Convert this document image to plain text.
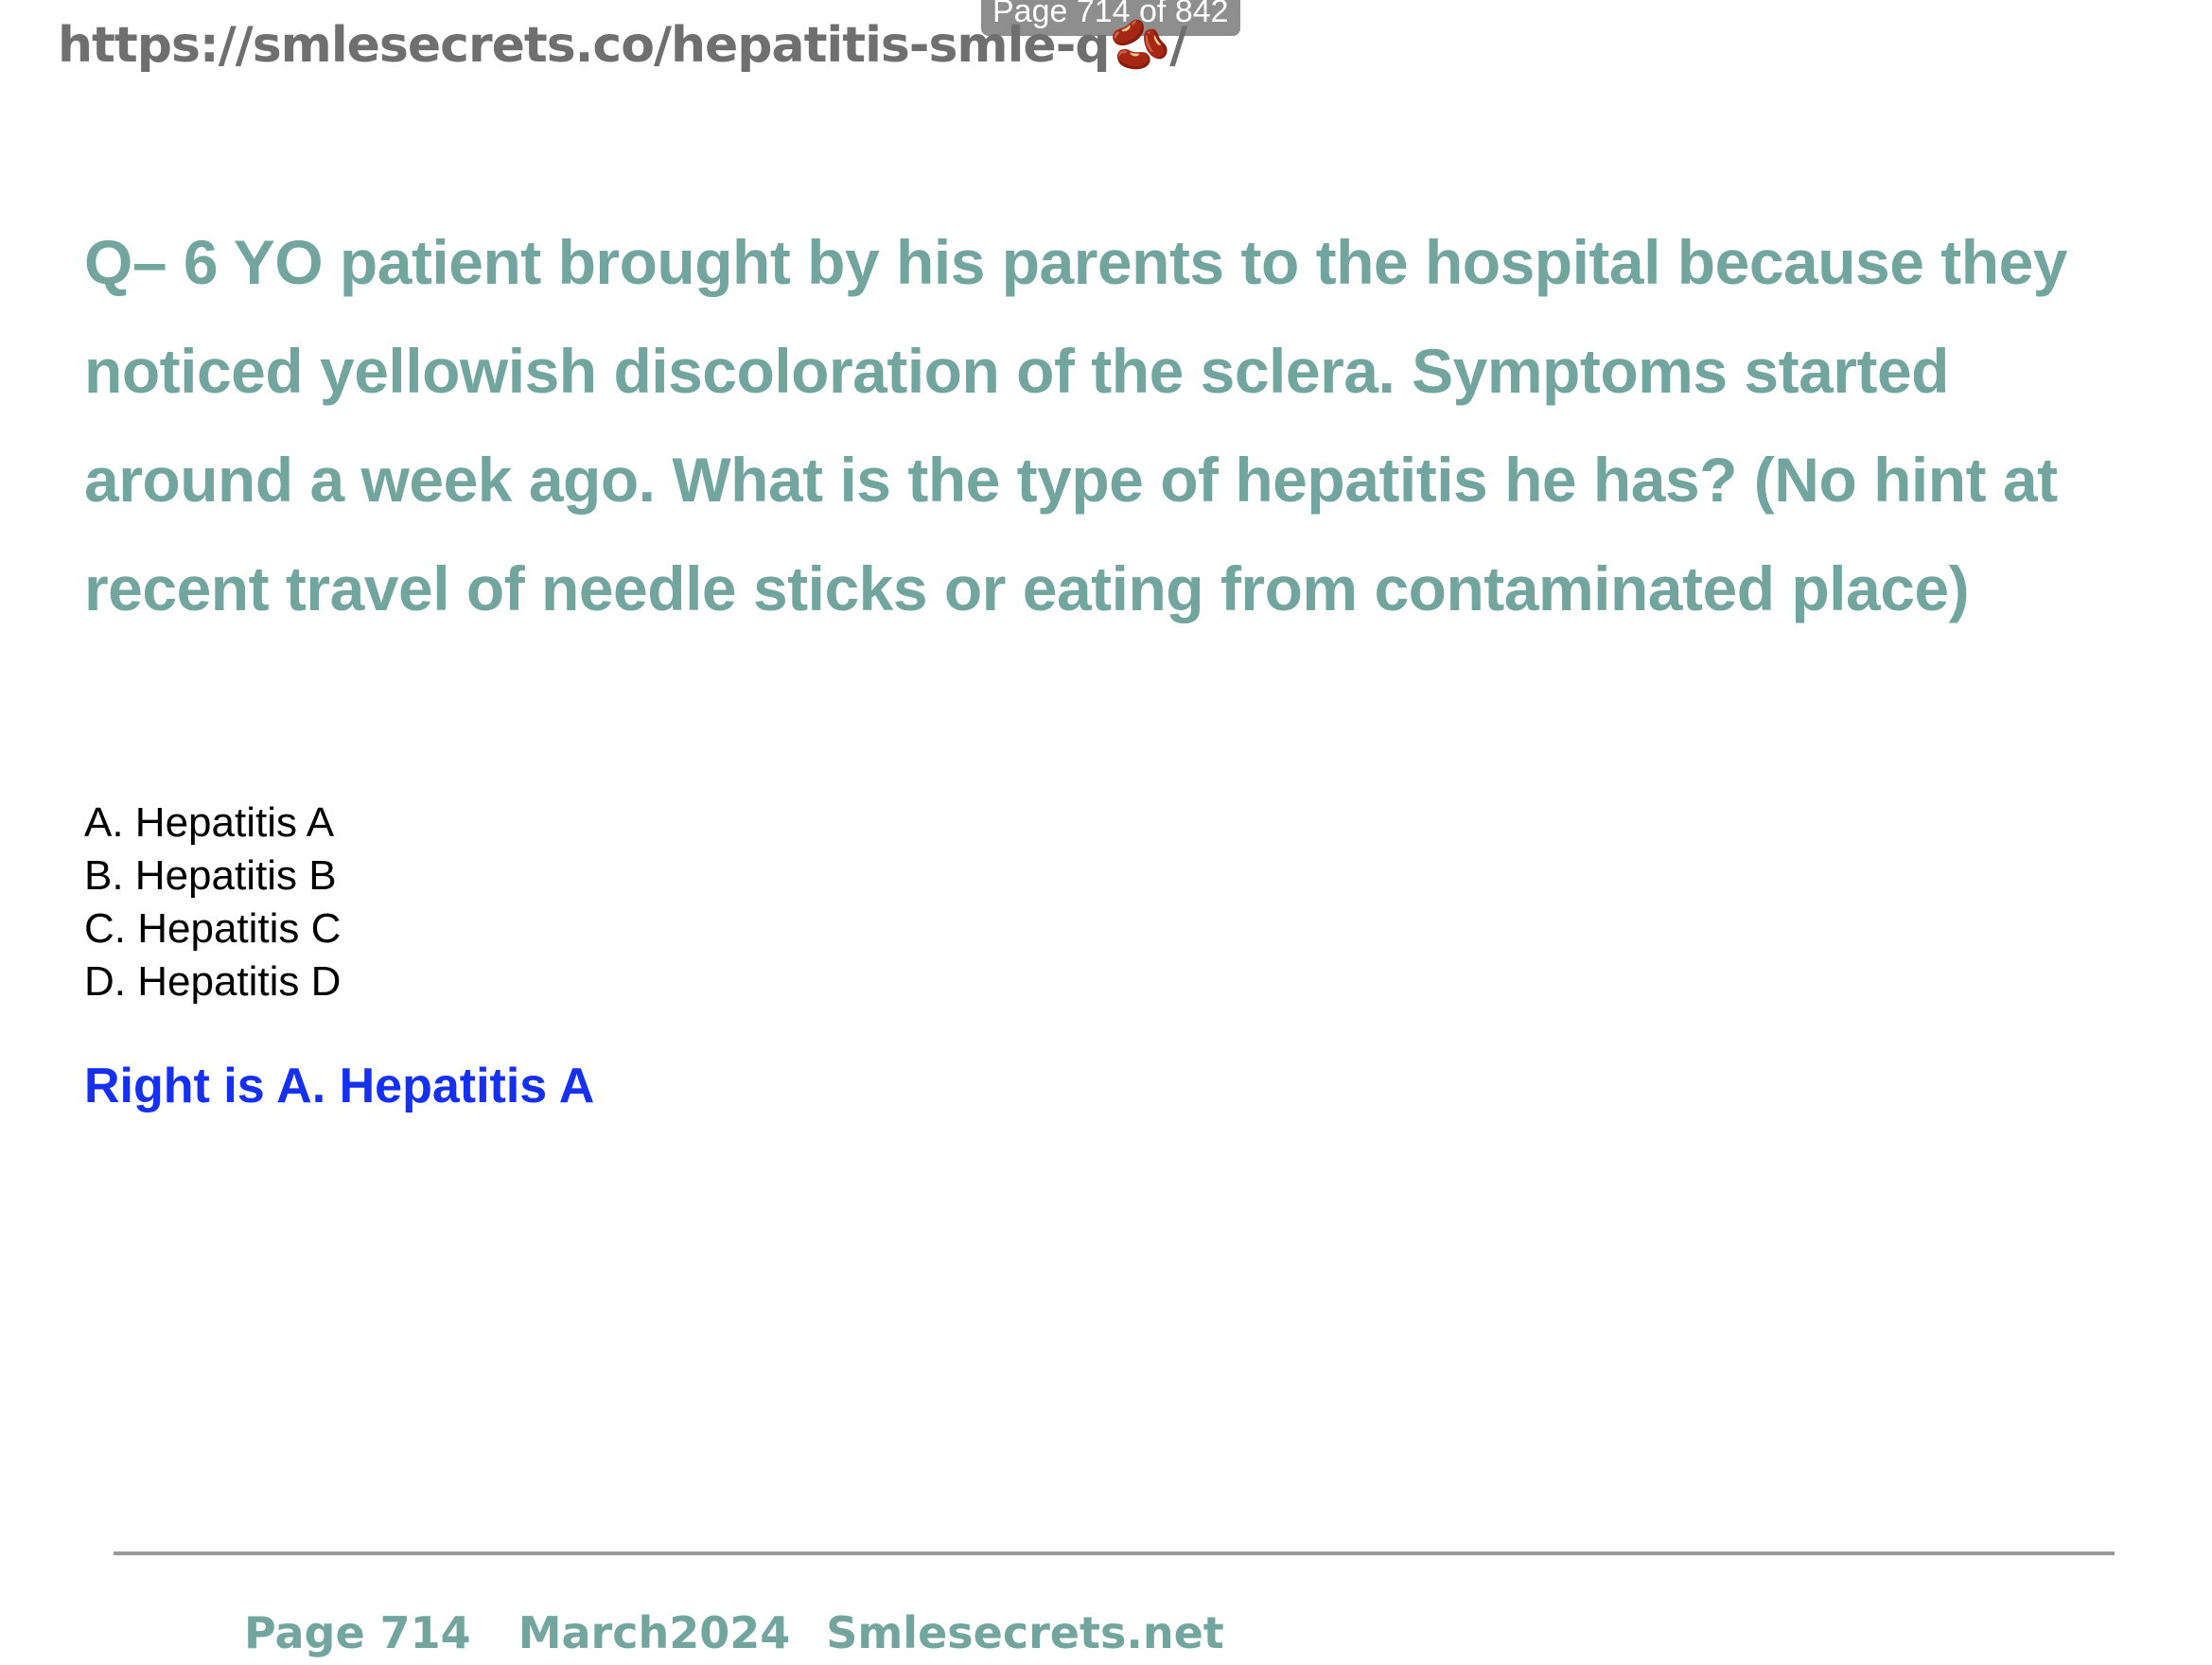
Page 714 of 842
https://smlesecrets.co/hepatitis-smle-q🫘/

Q– 6 YO patient brought by his parents to the hospital because they noticed yellowish discoloration of the sclera. Symptoms started around a week ago. What is the type of hepatitis he has? (No hint at recent travel of needle sticks or eating from contaminated place)

A. Hepatitis A
B. Hepatitis B
C. Hepatitis C
D. Hepatitis D
Right is A. Hepatitis A
Page 714 March2024 Smlesecrets.net
